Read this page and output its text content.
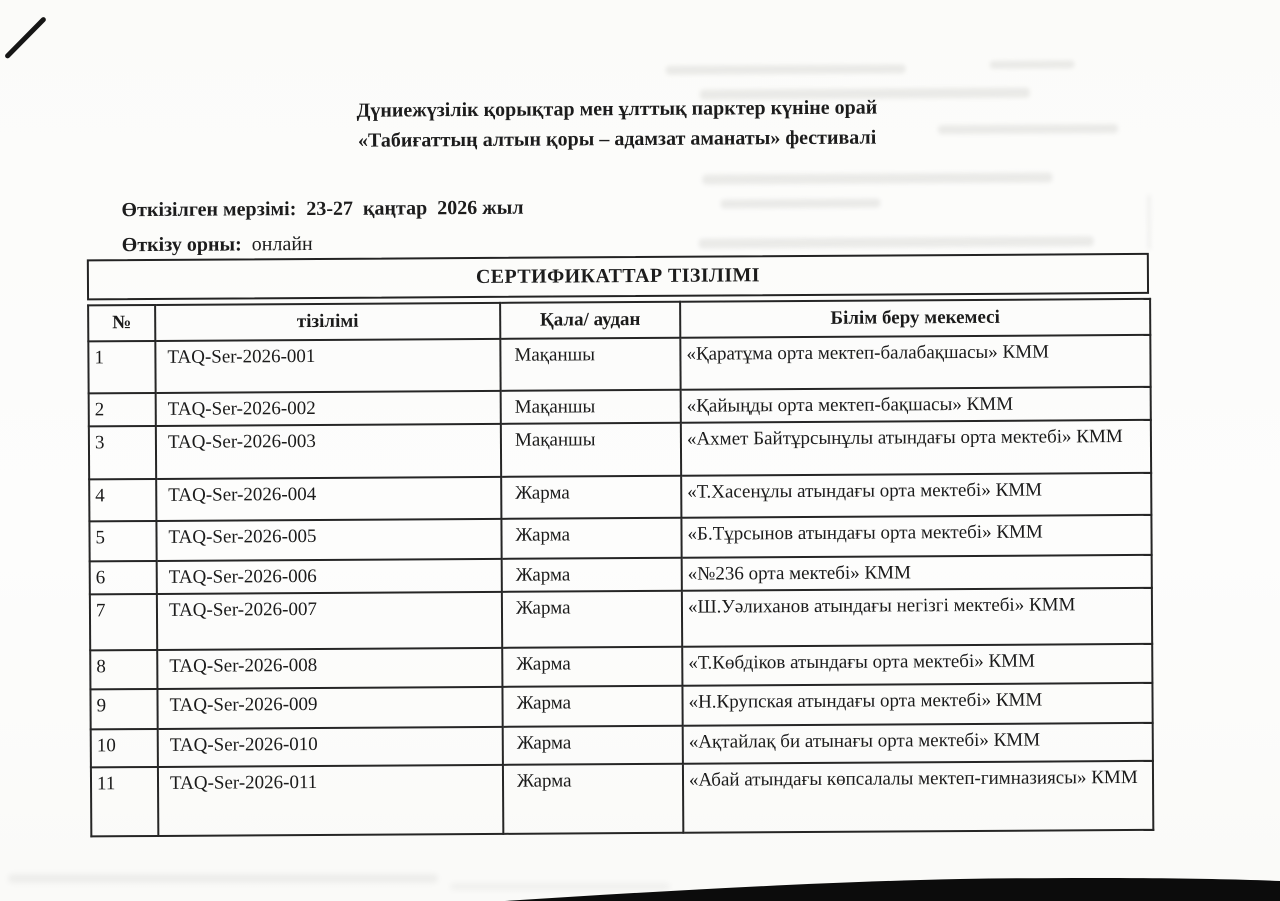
Дүниежүзілік қорықтар мен ұлттық парктер күніне орай
«Табиғаттың алтын қоры – адамзат аманаты» фестивалі

Өткізілген мерзімі: 23-27  қаңтар  2026 жыл

Өткізу орны: онлайн

СЕРТИФИКАТТАР ТІЗІЛІМІ
№	тізілімі	Қала/ аудан	Білім беру мекемесі
1	TAQ-Ser-2026-001	Мақаншы	«Қаратұма орта мектеп-балабақшасы» КММ
2	TAQ-Ser-2026-002	Мақаншы	«Қайыңды орта мектеп-бақшасы» КММ
3	TAQ-Ser-2026-003	Мақаншы	«Ахмет Байтұрсынұлы атындағы орта мектебі» КММ
4	TAQ-Ser-2026-004	Жарма	«Т.Хасенұлы атындағы орта мектебі» КММ
5	TAQ-Ser-2026-005	Жарма	«Б.Тұрсынов атындағы орта мектебі» КММ
6	TAQ-Ser-2026-006	Жарма	«№236 орта мектебі» КММ
7	TAQ-Ser-2026-007	Жарма	«Ш.Уәлиханов атындағы негізгі мектебі» КММ
8	TAQ-Ser-2026-008	Жарма	«Т.Көбдіков атындағы орта мектебі» КММ
9	TAQ-Ser-2026-009	Жарма	«Н.Крупская атындағы орта мектебі» КММ
10	TAQ-Ser-2026-010	Жарма	«Ақтайлақ би атынағы орта мектебі» КММ
11	TAQ-Ser-2026-011	Жарма	«Абай атындағы көпсалалы мектеп-гимназиясы» КММ
